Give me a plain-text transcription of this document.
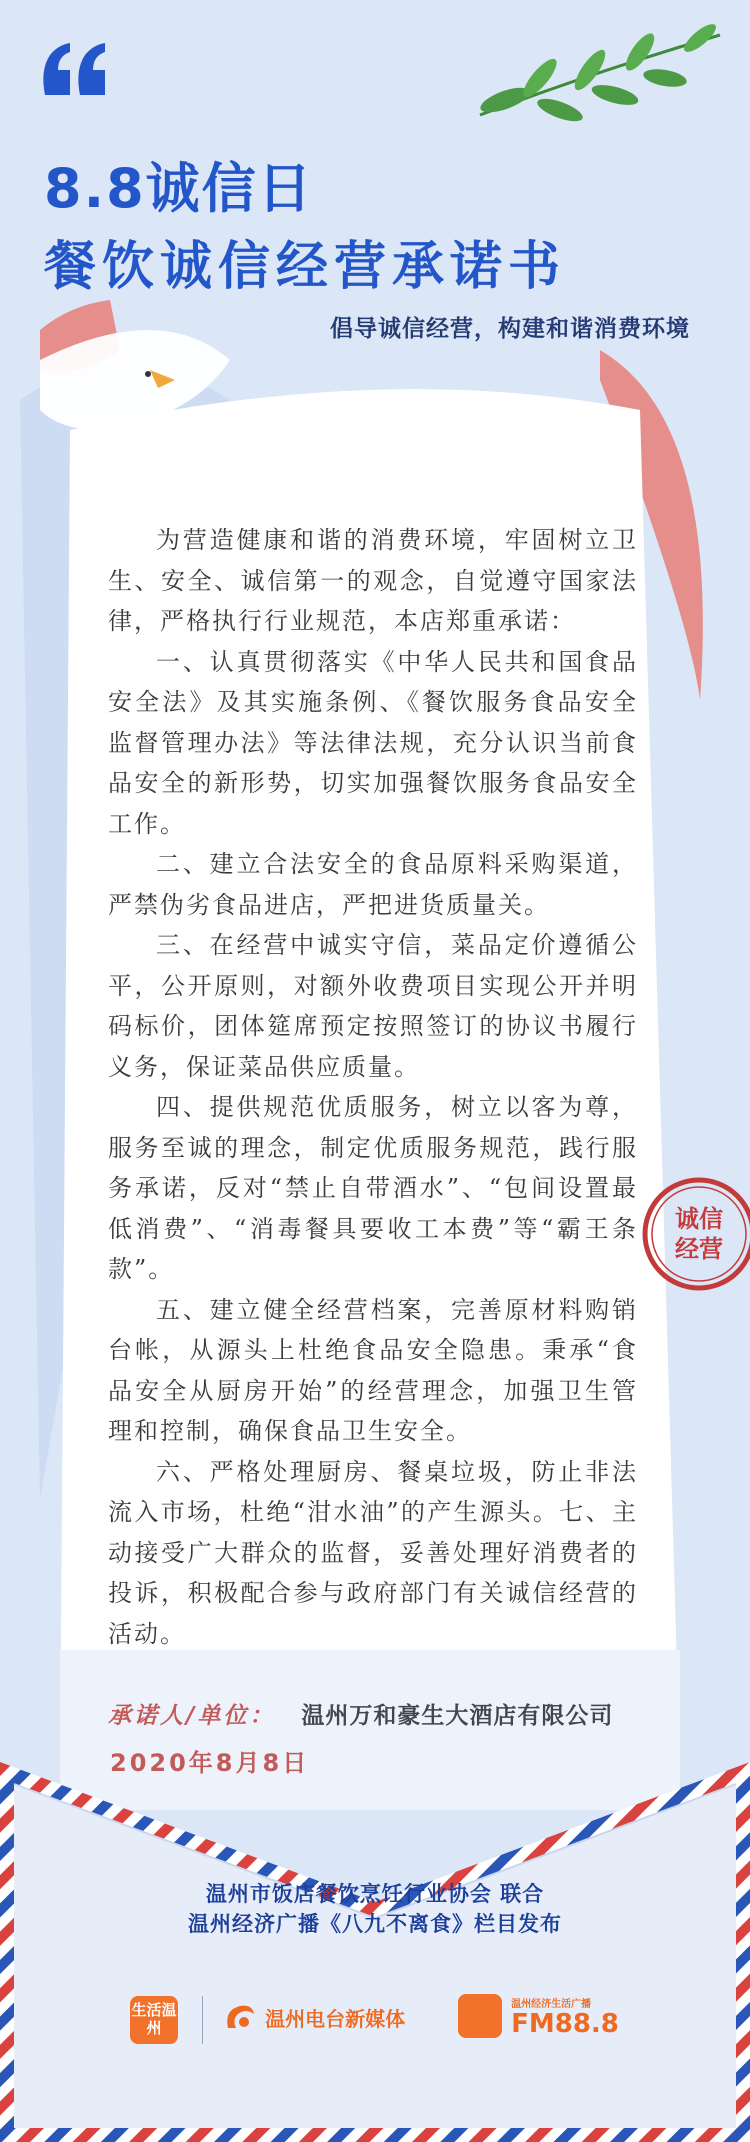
8.8诚信日
餐饮诚信经营承诺书
倡导诚信经营，构建和谐消费环境

为营造健康和谐的消费环境，牢固树立卫生、安全、诚信第一的观念，自觉遵守国家法律，严格执行行业规范，本店郑重承诺：

一、认真贯彻落实《中华人民共和国食品安全法》及其实施条例、《餐饮服务食品安全监督管理办法》等法律法规，充分认识当前食品安全的新形势，切实加强餐饮服务食品安全工作。

二、建立合法安全的食品原料采购渠道，严禁伪劣食品进店，严把进货质量关。

三、在经营中诚实守信，菜品定价遵循公平，公开原则，对额外收费项目实现公开并明码标价，团体筵席预定按照签订的协议书履行义务，保证菜品供应质量。

四、提供规范优质服务，树立以客为尊，服务至诚的理念，制定优质服务规范，践行服务承诺，反对“禁止自带酒水”、“包间设置最低消费”、“消毒餐具要收工本费”等“霸王条款”。

五、建立健全经营档案，完善原材料购销台帐，从源头上杜绝食品安全隐患。秉承“食品安全从厨房开始”的经营理念，加强卫生管理和控制，确保食品卫生安全。

六、严格处理厨房、餐桌垃圾，防止非法流入市场，杜绝“泔水油”的产生源头。七、主动接受广大群众的监督，妥善处理好消费者的投诉，积极配合参与政府部门有关诚信经营的活动。

诚信
经营
承诺人/单位： 温州万和豪生大酒店有限公司
2020年8月8日
温州市饭店餐饮烹饪行业协会 联合
温州经济广播《八九不离食》栏目发布
生活温州	温州电台新媒体

温州经济生活广播
FM88.8
